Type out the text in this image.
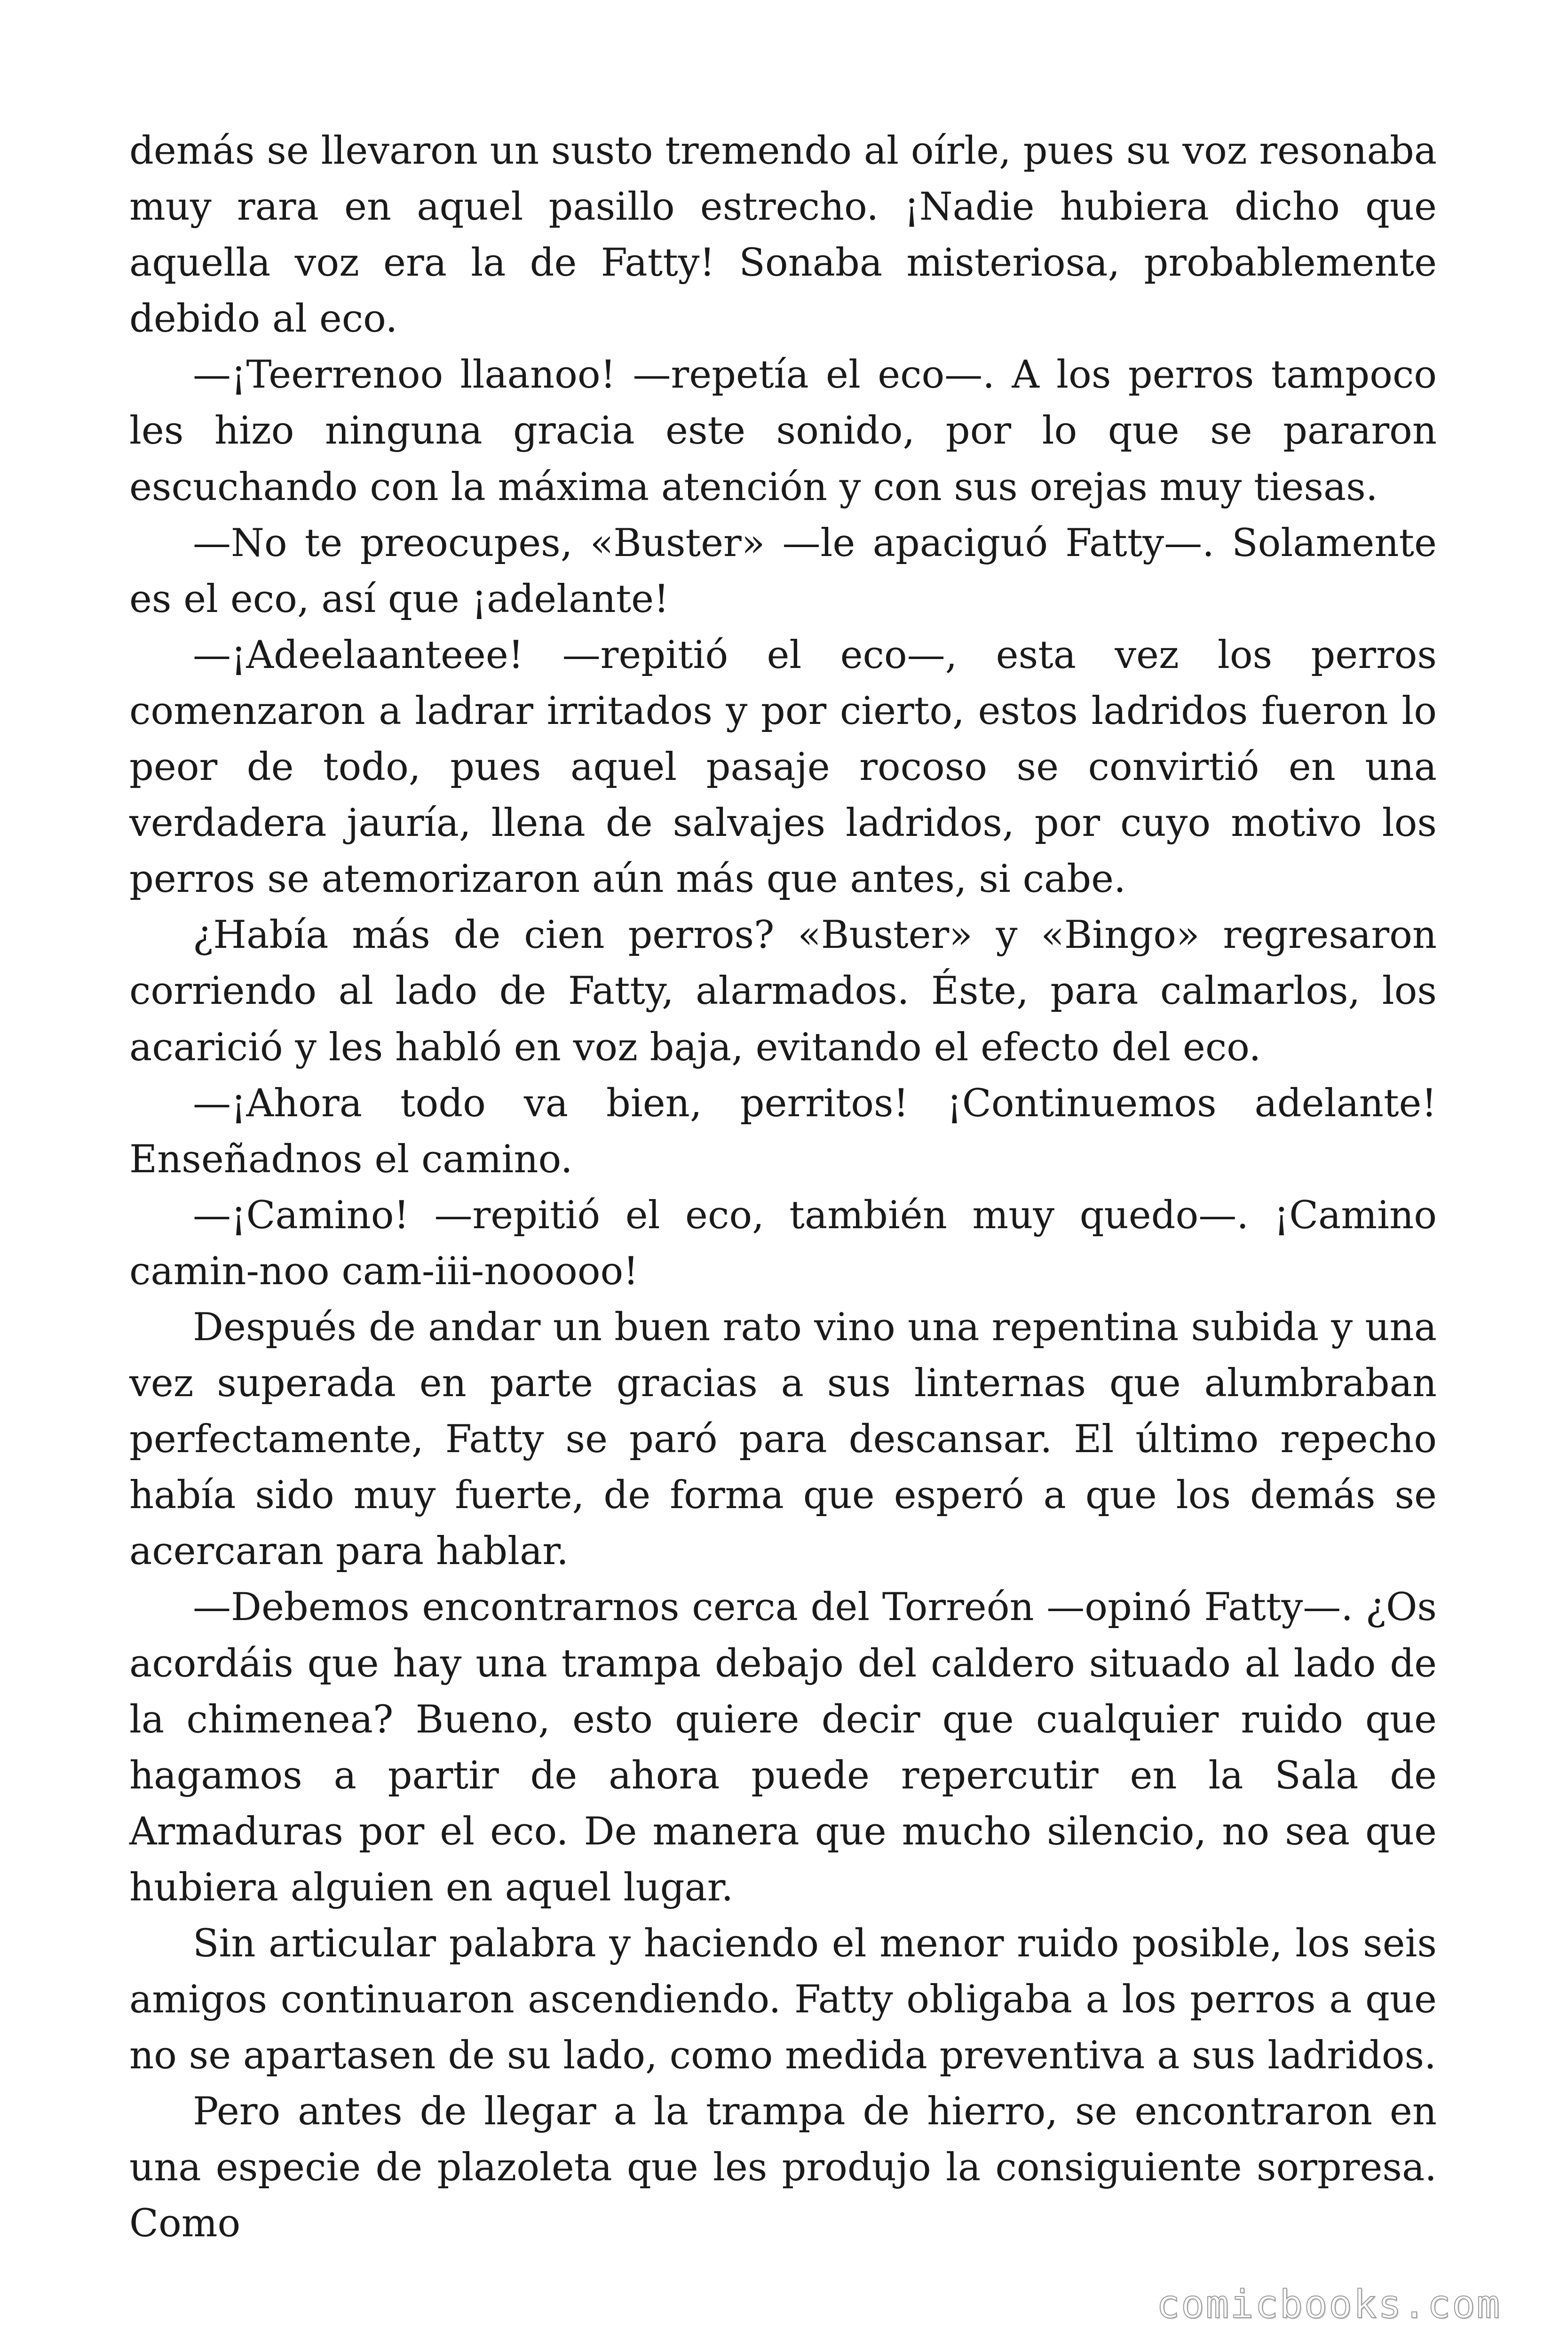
demás se llevaron un susto tremendo al oírle, pues su voz resonaba muy rara en aquel pasillo estrecho. ¡Nadie hubiera dicho que aquella voz era la de Fatty! Sonaba misteriosa, probablemente debido al eco.

—¡Teerrenoo llaanoo! —repetía el eco—. A los perros tampoco les hizo ninguna gracia este sonido, por lo que se pararon escuchando con la máxima atención y con sus orejas muy tiesas.

—No te preocupes, «Buster» —le apaciguó Fatty—. Solamente es el eco, así que ¡adelante!

—¡Adeelaanteee! —repitió el eco—, esta vez los perros comenzaron a ladrar irritados y por cierto, estos ladridos fueron lo peor de todo, pues aquel pasaje rocoso se convirtió en una verdadera jauría, llena de salvajes ladridos, por cuyo motivo los perros se atemorizaron aún más que antes, si cabe.

¿Había más de cien perros? «Buster» y «Bingo» regresaron corriendo al lado de Fatty, alarmados. Éste, para calmarlos, los acarició y les habló en voz baja, evitando el efecto del eco.

—¡Ahora todo va bien, perritos! ¡Continuemos adelante! Enseñadnos el camino.

—¡Camino! —repitió el eco, también muy quedo—. ¡Camino camin-noo cam-iii-nooooo!

Después de andar un buen rato vino una repentina subida y una vez superada en parte gracias a sus linternas que alumbraban perfectamente, Fatty se paró para descansar. El último repecho había sido muy fuerte, de forma que esperó a que los demás se acercaran para hablar.

—Debemos encontrarnos cerca del Torreón —opinó Fatty—. ¿Os acordáis que hay una trampa debajo del caldero situado al lado de la chimenea? Bueno, esto quiere decir que cualquier ruido que hagamos a partir de ahora puede repercutir en la Sala de Armaduras por el eco. De manera que mucho silencio, no sea que hubiera alguien en aquel lugar.

Sin articular palabra y haciendo el menor ruido posible, los seis amigos continuaron ascendiendo. Fatty obligaba a los perros a que no se apartasen de su lado, como medida preventiva a sus ladridos.

Pero antes de llegar a la trampa de hierro, se encontraron en una especie de plazoleta que les produjo la consiguiente sorpresa. Como

comicbooks.com
